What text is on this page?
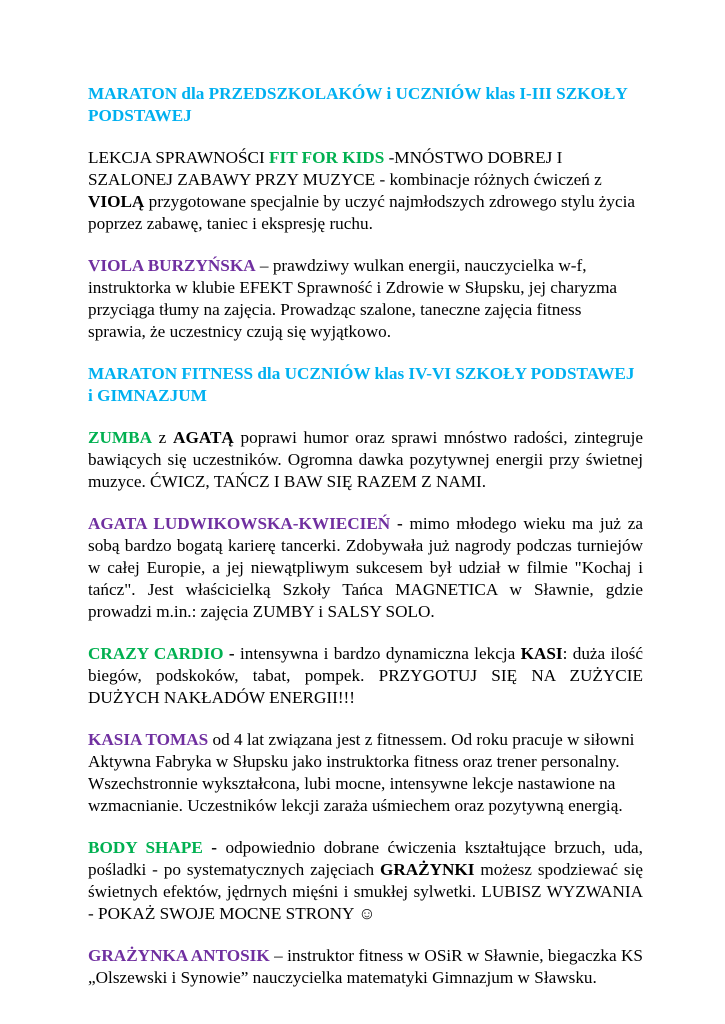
MARATON dla PRZEDSZKOLAKÓW i UCZNIÓW klas I-III SZKOŁY PODSTAWEJ
LEKCJA SPRAWNOŚCI FIT FOR KIDS -MNÓSTWO DOBREJ I SZALONEJ ZABAWY PRZY MUZYCE - kombinacje różnych ćwiczeń z VIOLĄ przygotowane specjalnie by uczyć najmłodszych zdrowego stylu życia poprzez zabawę, taniec i ekspresję ruchu.
VIOLA BURZYŃSKA – prawdziwy wulkan energii, nauczycielka w-f, instruktorka w klubie EFEKT Sprawność i Zdrowie w Słupsku, jej charyzma przyciąga tłumy na zajęcia. Prowadząc szalone, taneczne zajęcia fitness sprawia, że uczestnicy czują się wyjątkowo.
MARATON FITNESS dla UCZNIÓW klas IV-VI SZKOŁY PODSTAWEJ i GIMNAZJUM
ZUMBA z AGATĄ poprawi humor oraz sprawi mnóstwo radości, zintegruje bawiących się uczestników. Ogromna dawka pozytywnej energii przy świetnej muzyce. ĆWICZ, TAŃCZ I BAW SIĘ RAZEM Z NAMI.
AGATA LUDWIKOWSKA-KWIECIEŃ - mimo młodego wieku ma już za sobą bardzo bogatą karierę tancerki. Zdobywała już nagrody podczas turniejów w całej Europie, a jej niewątpliwym sukcesem był udział w filmie "Kochaj i tańcz". Jest właścicielką Szkoły Tańca MAGNETICA w Sławnie, gdzie prowadzi m.in.: zajęcia ZUMBY i SALSY SOLO.
CRAZY CARDIO - intensywna i bardzo dynamiczna lekcja KASI: duża ilość biegów, podskoków, tabat, pompek. PRZYGOTUJ SIĘ NA ZUŻYCIE DUŻYCH NAKŁADÓW ENERGII!!!
KASIA TOMAS od 4 lat związana jest z fitnessem. Od roku pracuje w siłowni Aktywna Fabryka w Słupsku jako instruktorka fitness oraz trener personalny. Wszechstronnie wykształcona, lubi mocne, intensywne lekcje nastawione na wzmacnianie. Uczestników lekcji zaraża uśmiechem oraz pozytywną energią.
BODY SHAPE - odpowiednio dobrane ćwiczenia kształtujące brzuch, uda, pośladki - po systematycznych zajęciach GRAŻYNKI możesz spodziewać się świetnych efektów, jędrnych mięśni i smukłej sylwetki. LUBISZ WYZWANIA - POKAŻ SWOJE MOCNE STRONY ☺
GRAŻYNKA ANTOSIK – instruktor fitness w OSiR w Sławnie, biegaczka KS „Olszewski i Synowie” nauczycielka matematyki Gimnazjum w Sławsku.
